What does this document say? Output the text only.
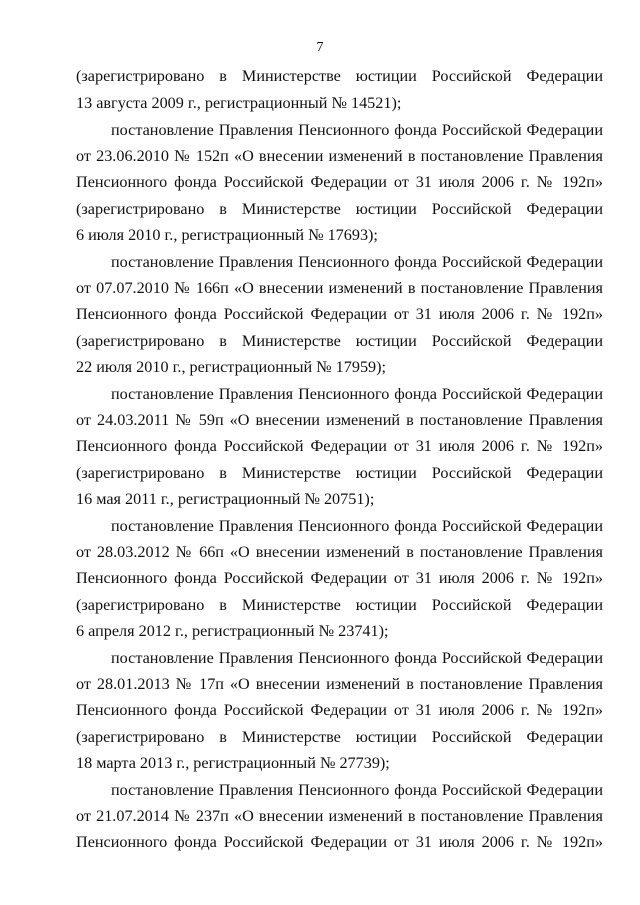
7
(зарегистрировано в Министерстве юстиции Российской Федерации
13 августа 2009 г., регистрационный № 14521);
постановление Правления Пенсионного фонда Российской Федерации
от 23.06.2010 № 152п «О внесении изменений в постановление Правления
Пенсионного фонда Российской Федерации от 31 июля 2006 г. № 192п»
(зарегистрировано в Министерстве юстиции Российской Федерации
6 июля 2010 г., регистрационный № 17693);
постановление Правления Пенсионного фонда Российской Федерации
от 07.07.2010 № 166п «О внесении изменений в постановление Правления
Пенсионного фонда Российской Федерации от 31 июля 2006 г. № 192п»
(зарегистрировано в Министерстве юстиции Российской Федерации
22 июля 2010 г., регистрационный № 17959);
постановление Правления Пенсионного фонда Российской Федерации
от 24.03.2011 № 59п «О внесении изменений в постановление Правления
Пенсионного фонда Российской Федерации от 31 июля 2006 г. № 192п»
(зарегистрировано в Министерстве юстиции Российской Федерации
16 мая 2011 г., регистрационный № 20751);
постановление Правления Пенсионного фонда Российской Федерации
от 28.03.2012 № 66п «О внесении изменений в постановление Правления
Пенсионного фонда Российской Федерации от 31 июля 2006 г. № 192п»
(зарегистрировано в Министерстве юстиции Российской Федерации
6 апреля 2012 г., регистрационный № 23741);
постановление Правления Пенсионного фонда Российской Федерации
от 28.01.2013 № 17п «О внесении изменений в постановление Правления
Пенсионного фонда Российской Федерации от 31 июля 2006 г. № 192п»
(зарегистрировано в Министерстве юстиции Российской Федерации
18 марта 2013 г., регистрационный № 27739);
постановление Правления Пенсионного фонда Российской Федерации
от 21.07.2014 № 237п «О внесении изменений в постановление Правления
Пенсионного фонда Российской Федерации от 31 июля 2006 г. № 192п»
